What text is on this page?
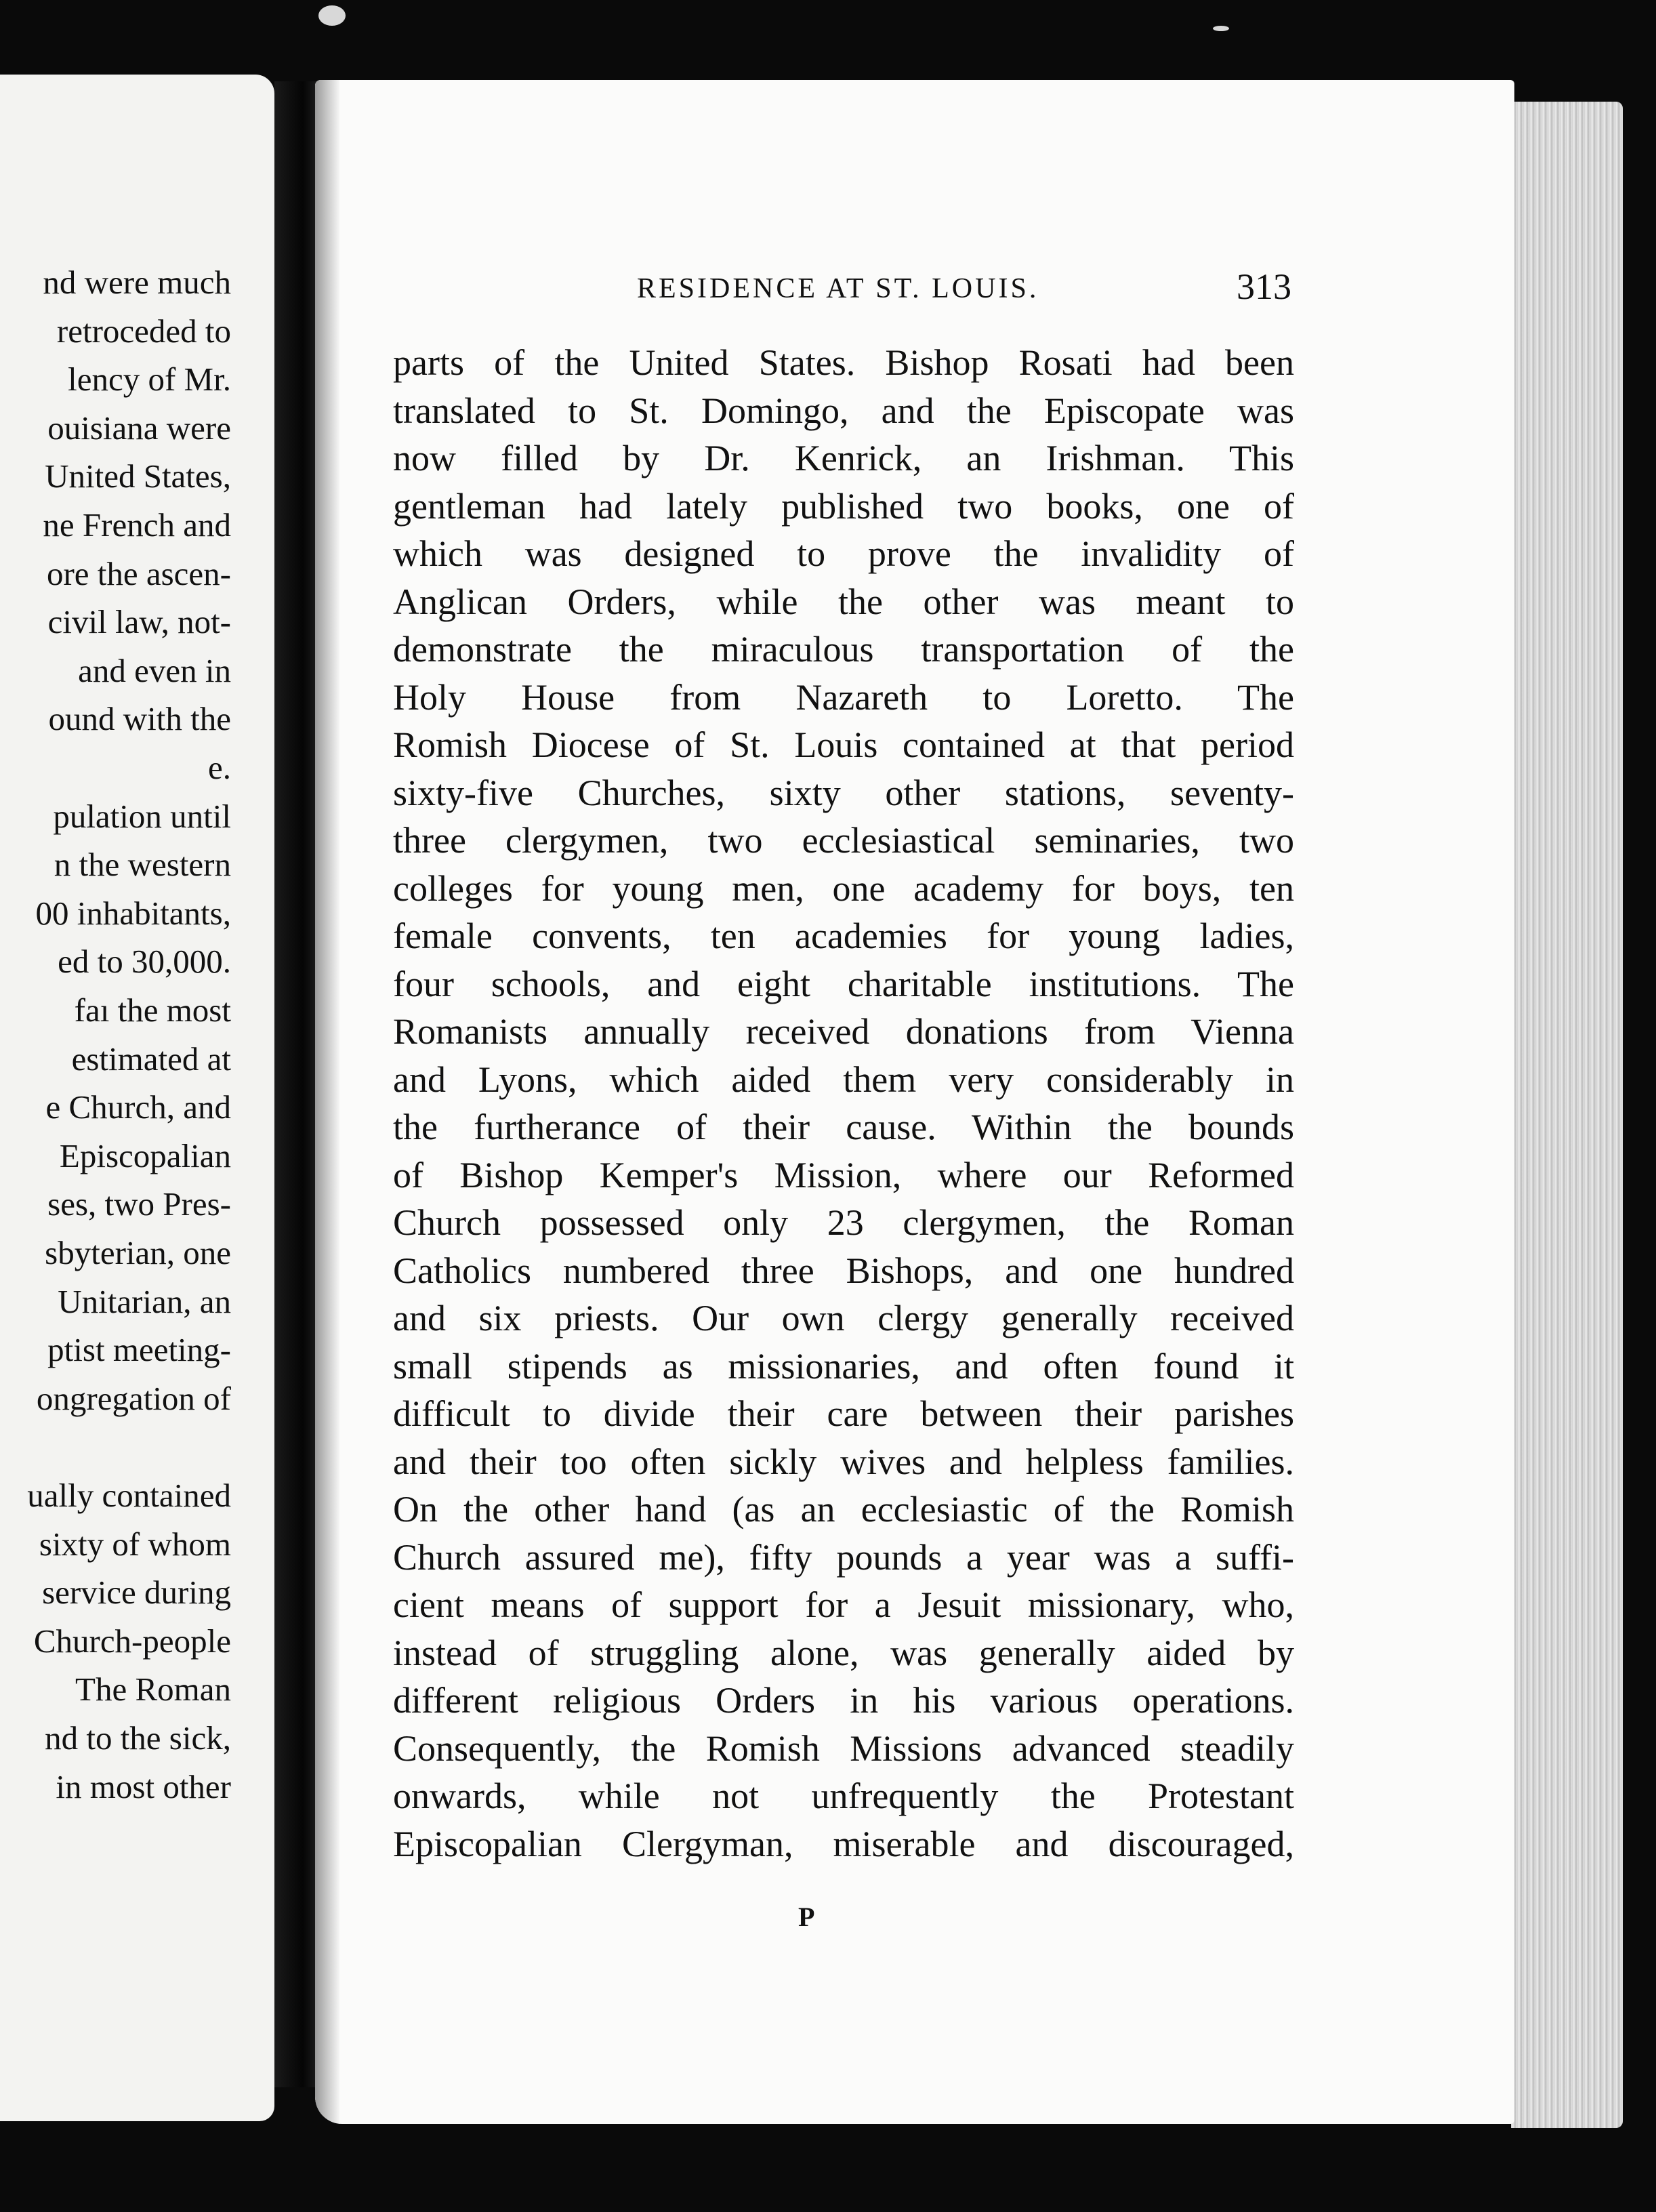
nd were much
retroceded to
lency of Mr.
ouisiana were
United States,
ne French and
ore the ascen-
civil law, not-
and even in
ound with the
e.
pulation until
n the western
00 inhabitants,
ed to 30,000.
faı the most
estimated at
e Church, and
Episcopalian
ses, two Pres-
sbyterian, one
Unitarian, an
ptist meeting-
ongregation of
ually contained
sixty of whom
service during
Church-people
The Roman
nd to the sick,
in most other
RESIDENCE AT ST. LOUIS.	313
parts of the United States. Bishop Rosati had been
translated to St. Domingo, and the Episcopate was
now filled by Dr. Kenrick, an Irishman. This
gentleman had lately published two books, one of
which was designed to prove the invalidity of
Anglican Orders, while the other was meant to
demonstrate the miraculous transportation of the
Holy House from Nazareth to Loretto. The
Romish Diocese of St. Louis contained at that period
sixty-five Churches, sixty other stations, seventy-
three clergymen, two ecclesiastical seminaries, two
colleges for young men, one academy for boys, ten
female convents, ten academies for young ladies,
four schools, and eight charitable institutions. The
Romanists annually received donations from Vienna
and Lyons, which aided them very considerably in
the furtherance of their cause. Within the bounds
of Bishop Kemper's Mission, where our Reformed
Church possessed only 23 clergymen, the Roman
Catholics numbered three Bishops, and one hundred
and six priests. Our own clergy generally received
small stipends as missionaries, and often found it
difficult to divide their care between their parishes
and their too often sickly wives and helpless families.
On the other hand (as an ecclesiastic of the Romish
Church assured me), fifty pounds a year was a suffi-
cient means of support for a Jesuit missionary, who,
instead of struggling alone, was generally aided by
different religious Orders in his various operations.
Consequently, the Romish Missions advanced steadily
onwards, while not unfrequently the Protestant
Episcopalian Clergyman, miserable and discouraged,
P
